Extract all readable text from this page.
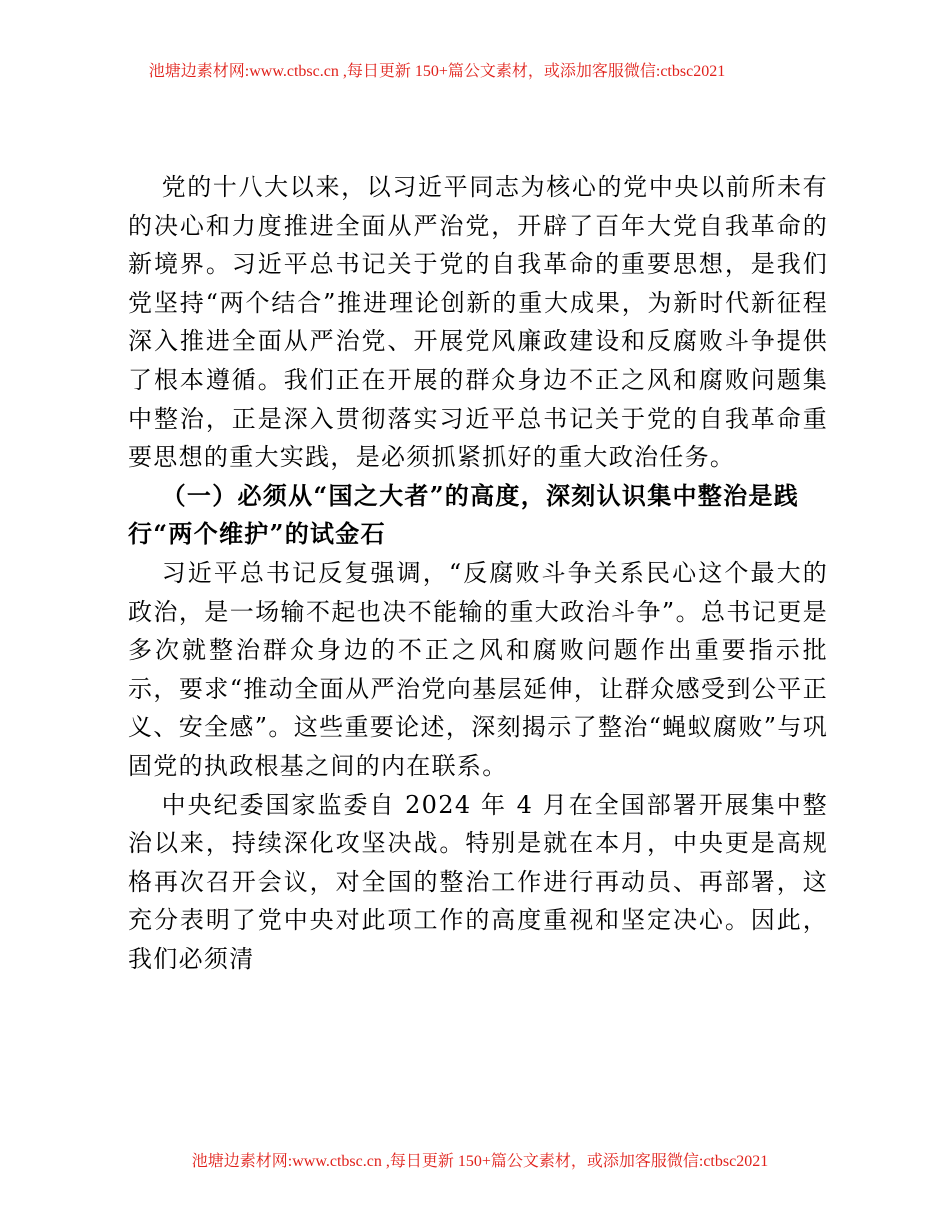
池塘边素材网:www.ctbsc.cn ,每日更新 150+篇公文素材，或添加客服微信:ctbsc2021

党的十八大以来，以习近平同志为核心的党中央以前所未有的决心和力度推进全面从严治党，开辟了百年大党自我革命的新境界。习近平总书记关于党的自我革命的重要思想，是我们党坚持“两个结合”推进理论创新的重大成果，为新时代新征程深入推进全面从严治党、开展党风廉政建设和反腐败斗争提供了根本遵循。我们正在开展的群众身边不正之风和腐败问题集中整治，正是深入贯彻落实习近平总书记关于党的自我革命重要思想的重大实践，是必须抓紧抓好的重大政治任务。

（一）必须从“国之大者”的高度，深刻认识集中整治是践行“两个维护”的试金石

习近平总书记反复强调，“反腐败斗争关系民心这个最大的政治，是一场输不起也决不能输的重大政治斗争”。总书记更是多次就整治群众身边的不正之风和腐败问题作出重要指示批示，要求“推动全面从严治党向基层延伸，让群众感受到公平正义、安全感”。这些重要论述，深刻揭示了整治“蝇蚁腐败”与巩固党的执政根基之间的内在联系。

中央纪委国家监委自 2024 年 4 月在全国部署开展集中整治以来，持续深化攻坚决战。特别是就在本月，中央更是高规格再次召开会议，对全国的整治工作进行再动员、再部署，这充分表明了党中央对此项工作的高度重视和坚定决心。因此，我们必须清

池塘边素材网:www.ctbsc.cn ,每日更新 150+篇公文素材，或添加客服微信:ctbsc2021
